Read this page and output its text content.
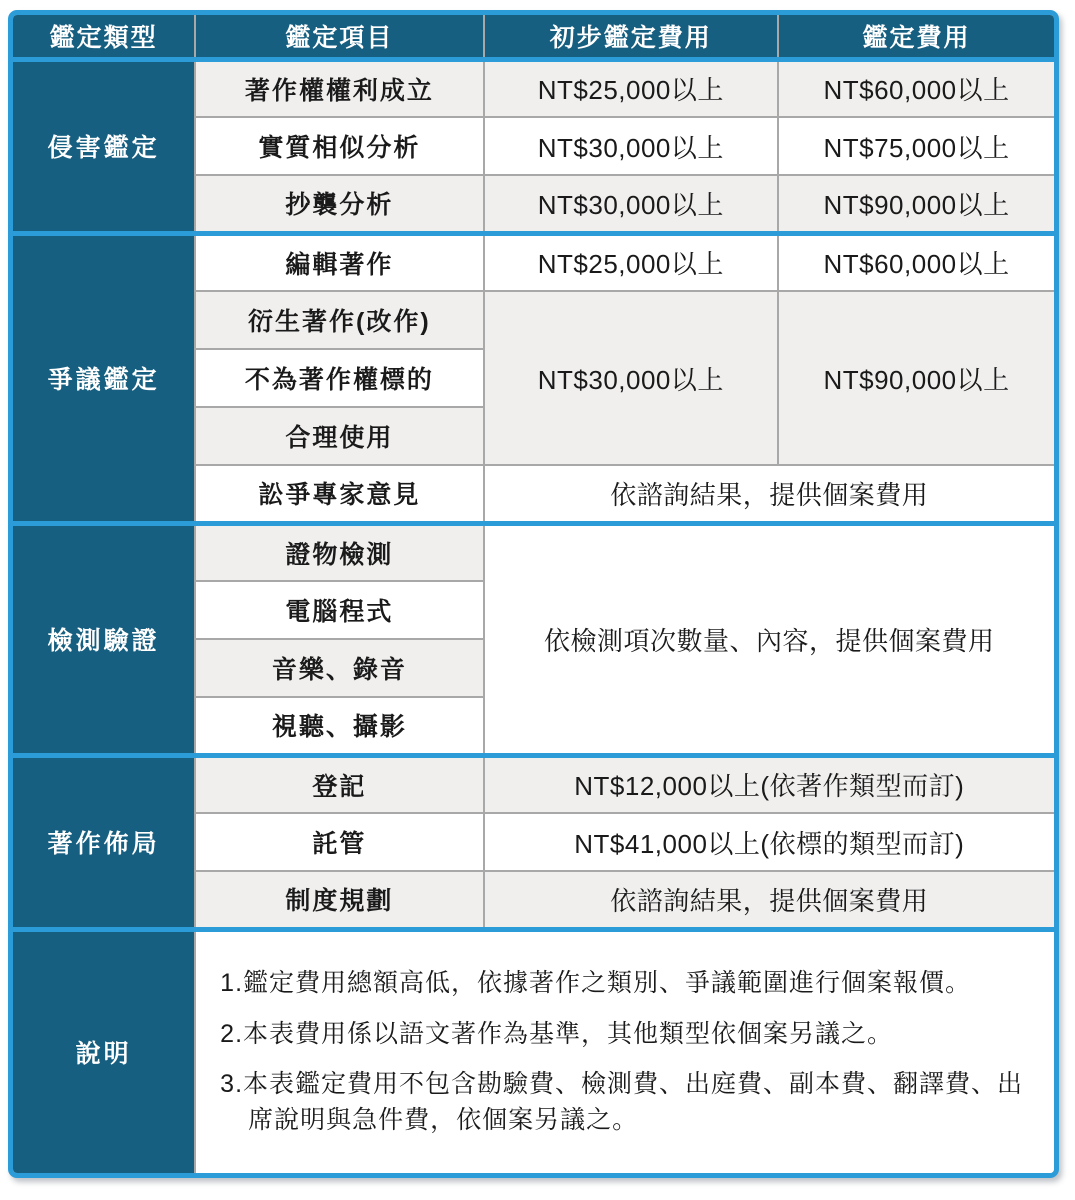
鑑定類型	鑑定項目	初步鑑定費用	鑑定費用
侵害鑑定	著作權權利成立	NT$25,000以上	NT$60,000以上
	實質相似分析	NT$30,000以上	NT$75,000以上
	抄襲分析	NT$30,000以上	NT$90,000以上
爭議鑑定	編輯著作	NT$25,000以上	NT$60,000以上
	衍生著作(改作)	NT$30,000以上	NT$90,000以上
	不為著作權標的		
	合理使用		
	訟爭專家意見	依諮詢結果，提供個案費用	
檢測驗證	證物檢測	依檢測項次數量、內容，提供個案費用	
	電腦程式		
	音樂、錄音		
	視聽、攝影		
著作佈局	登記	NT$12,000以上(依著作類型而訂)	
	託管	NT$41,000以上(依標的類型而訂)	
	制度規劃	依諮詢結果，提供個案費用	
說明	1.鑑定費用總額高低，依據著作之類別、爭議範圍進行個案報價。
2.本表費用係以語文著作為基準，其他類型依個案另議之。
3.本表鑑定費用不包含勘驗費、檢測費、出庭費、副本費、翻譯費、出席說明與急件費，依個案另議之。		
